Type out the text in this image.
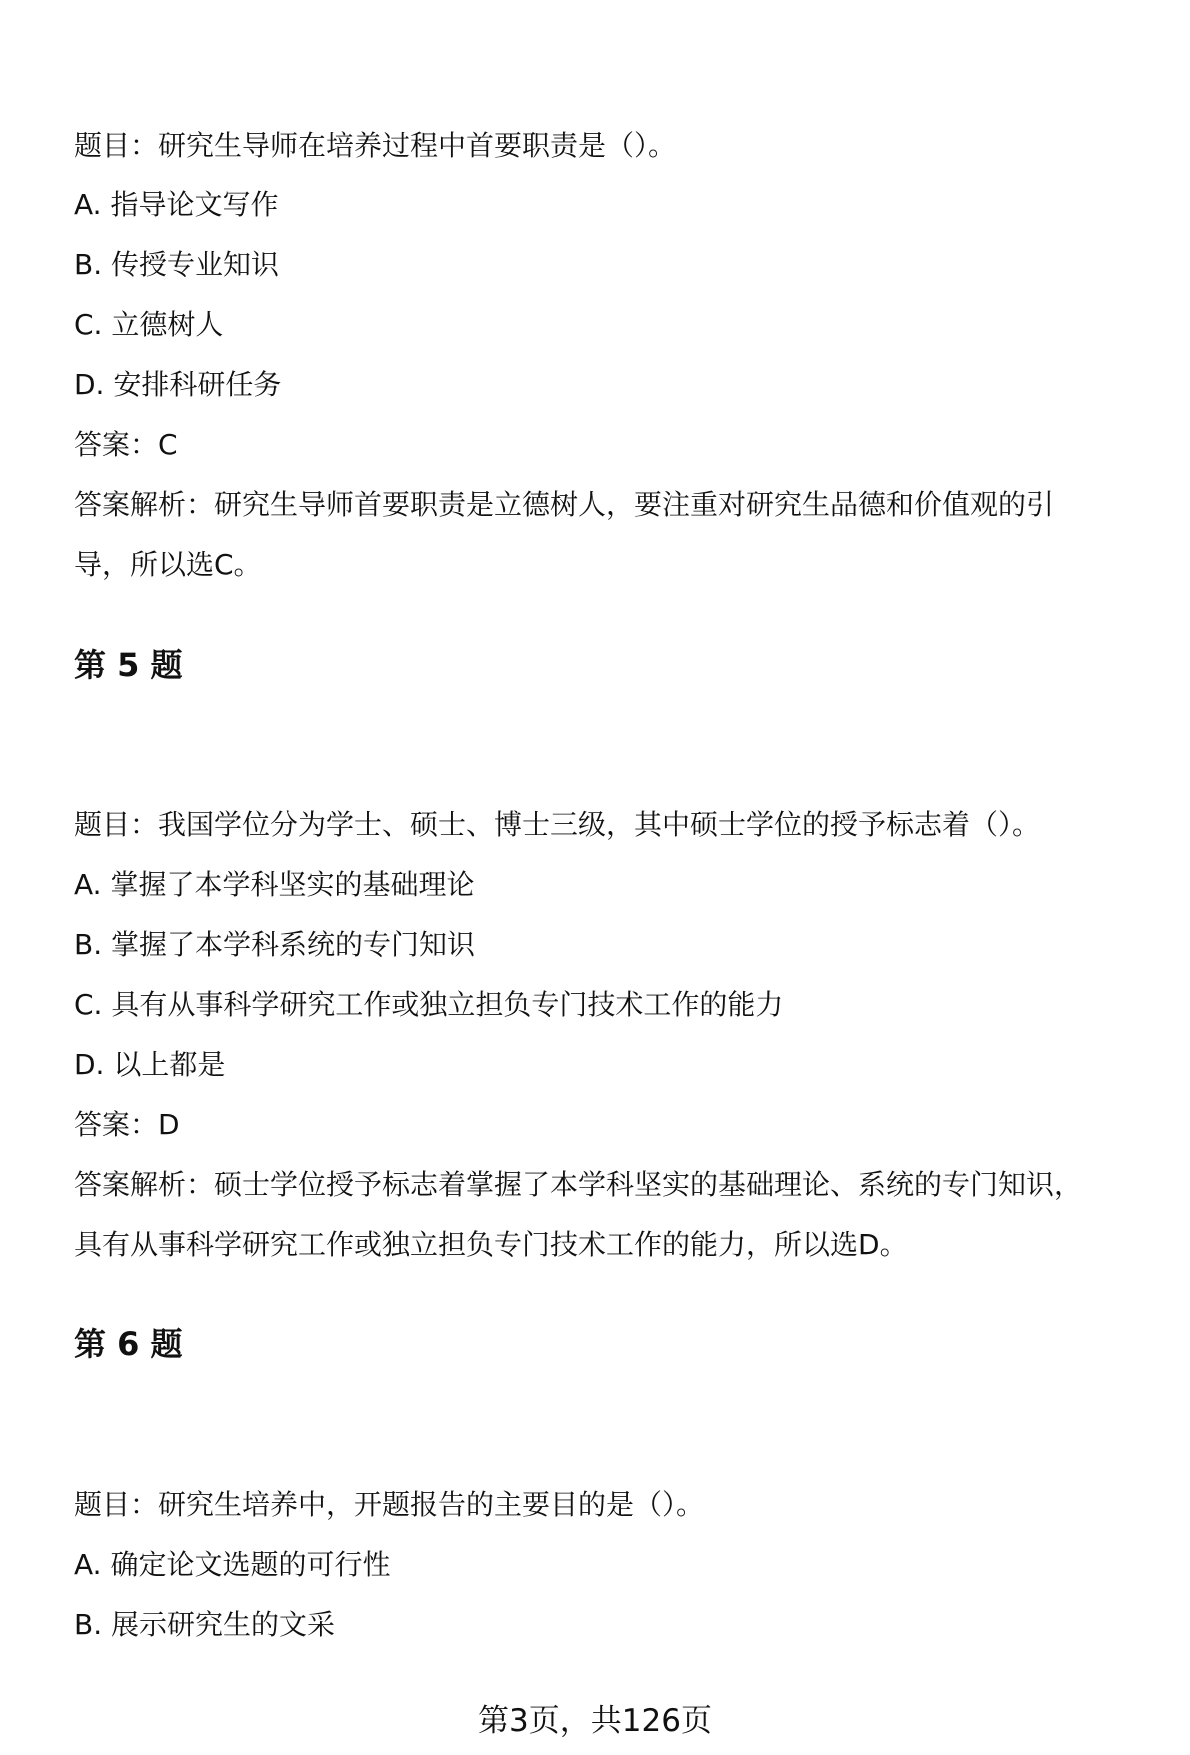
题目：研究生导师在培养过程中首要职责是（）。
A. 指导论文写作
B. 传授专业知识
C. 立德树人
D. 安排科研任务
答案：C
答案解析：研究生导师首要职责是立德树人，要注重对研究生品德和价值观的引
导，所以选C。
第 5 题
题目：我国学位分为学士、硕士、博士三级，其中硕士学位的授予标志着（）。
A. 掌握了本学科坚实的基础理论
B. 掌握了本学科系统的专门知识
C. 具有从事科学研究工作或独立担负专门技术工作的能力
D. 以上都是
答案：D
答案解析：硕士学位授予标志着掌握了本学科坚实的基础理论、系统的专门知识，
具有从事科学研究工作或独立担负专门技术工作的能力，所以选D。
第 6 题
题目：研究生培养中，开题报告的主要目的是（）。
A. 确定论文选题的可行性
B. 展示研究生的文采
第3页，共126页
